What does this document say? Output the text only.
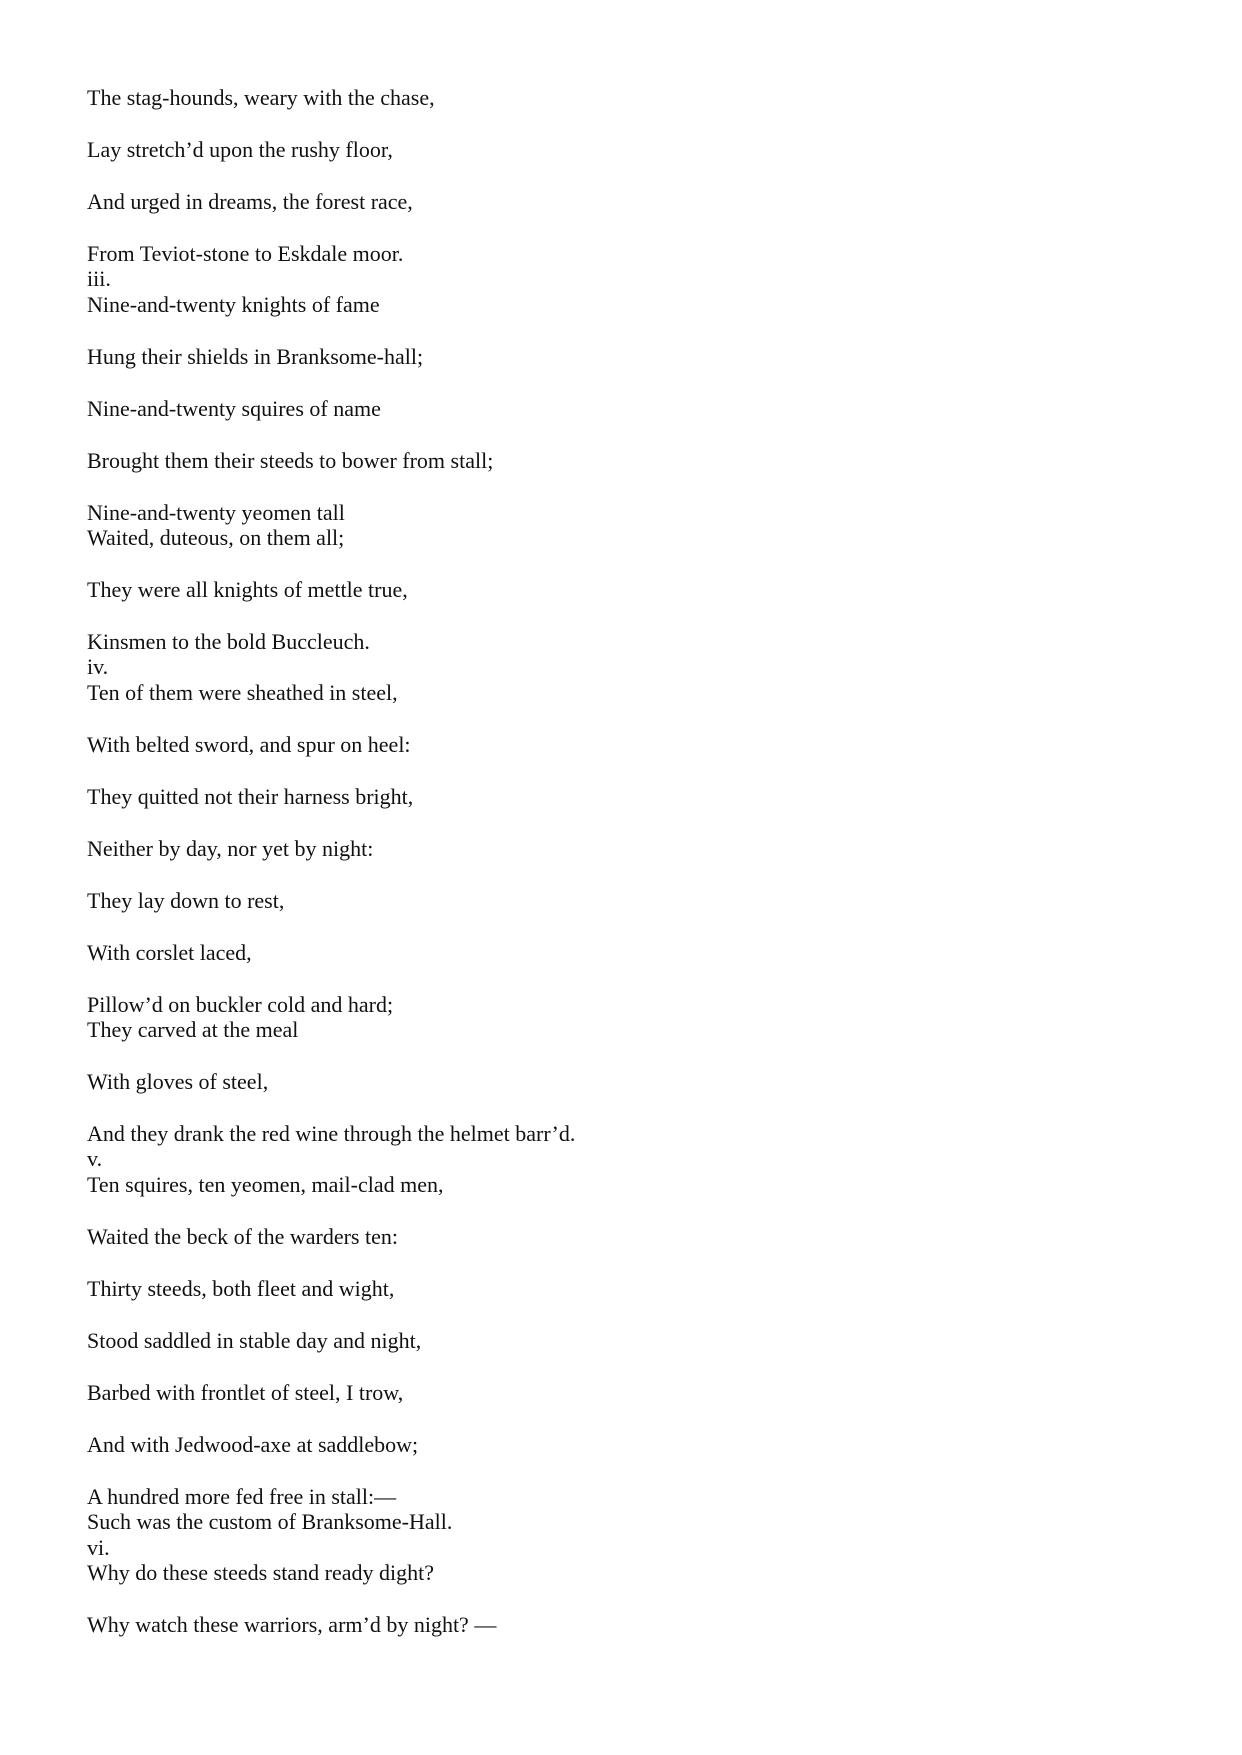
The stag-hounds, weary with the chase,
Lay stretch’d upon the rushy floor,
And urged in dreams, the forest race,
From Teviot-stone to Eskdale moor.
iii.
Nine-and-twenty knights of fame
Hung their shields in Branksome-hall;
Nine-and-twenty squires of name
Brought them their steeds to bower from stall;
Nine-and-twenty yeomen tall
Waited, duteous, on them all;
They were all knights of mettle true,
Kinsmen to the bold Buccleuch.
iv.
Ten of them were sheathed in steel,
With belted sword, and spur on heel:
They quitted not their harness bright,
Neither by day, nor yet by night:
They lay down to rest,
With corslet laced,
Pillow’d on buckler cold and hard;
They carved at the meal
With gloves of steel,
And they drank the red wine through the helmet barr’d.
v.
Ten squires, ten yeomen, mail-clad men,
Waited the beck of the warders ten:
Thirty steeds, both fleet and wight,
Stood saddled in stable day and night,
Barbed with frontlet of steel, I trow,
And with Jedwood-axe at saddlebow;
A hundred more fed free in stall:—
Such was the custom of Branksome-Hall.
vi.
Why do these steeds stand ready dight?
Why watch these warriors, arm’d by night? —
